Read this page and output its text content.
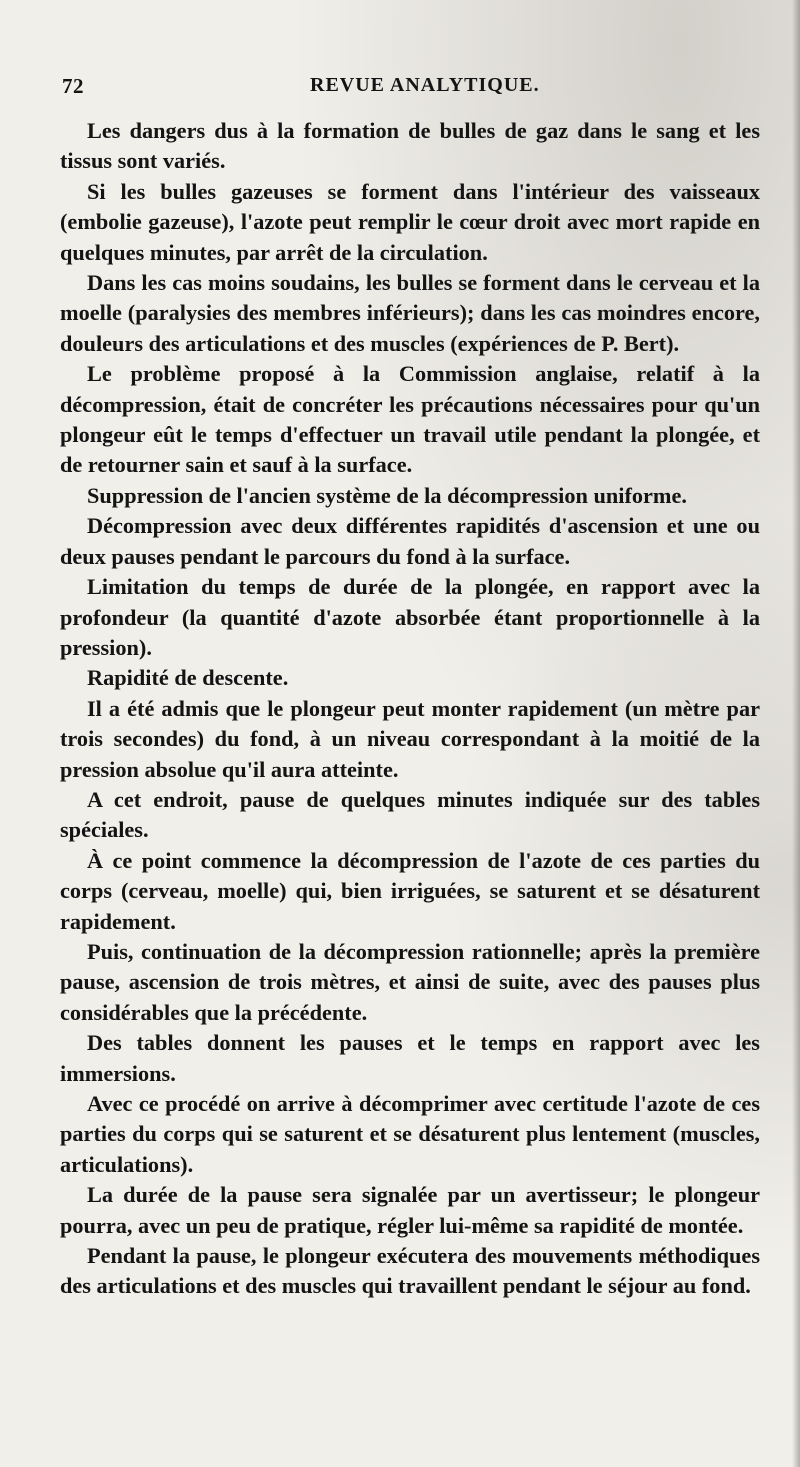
72	REVUE ANALYTIQUE.

Les dangers dus à la formation de bulles de gaz dans le sang et les tissus sont variés.

Si les bulles gazeuses se forment dans l'intérieur des vaisseaux (embolie gazeuse), l'azote peut remplir le cœur droit avec mort rapide en quelques minutes, par arrêt de la circulation.

Dans les cas moins soudains, les bulles se forment dans le cerveau et la moelle (paralysies des membres inférieurs); dans les cas moindres encore, douleurs des articulations et des muscles (expériences de P. Bert).

Le problème proposé à la Commission anglaise, relatif à la décompression, était de concréter les précautions nécessaires pour qu'un plongeur eût le temps d'effectuer un travail utile pendant la plongée, et de retourner sain et sauf à la surface.

Suppression de l'ancien système de la décompression uniforme.

Décompression avec deux différentes rapidités d'ascension et une ou deux pauses pendant le parcours du fond à la surface.

Limitation du temps de durée de la plongée, en rapport avec la profondeur (la quantité d'azote absorbée étant proportionnelle à la pression).

Rapidité de descente.

Il a été admis que le plongeur peut monter rapidement (un mètre par trois secondes) du fond, à un niveau correspondant à la moitié de la pression absolue qu'il aura atteinte.

A cet endroit, pause de quelques minutes indiquée sur des tables spéciales.

À ce point commence la décompression de l'azote de ces parties du corps (cerveau, moelle) qui, bien irriguées, se saturent et se désaturent rapidement.

Puis, continuation de la décompression rationnelle; après la première pause, ascension de trois mètres, et ainsi de suite, avec des pauses plus considérables que la précédente.

Des tables donnent les pauses et le temps en rapport avec les immersions.

Avec ce procédé on arrive à décomprimer avec certitude l'azote de ces parties du corps qui se saturent et se désaturent plus lentement (muscles, articulations).

La durée de la pause sera signalée par un avertisseur; le plongeur pourra, avec un peu de pratique, régler lui-même sa rapidité de montée.

Pendant la pause, le plongeur exécutera des mouvements méthodiques des articulations et des muscles qui travaillent pendant le séjour au fond.
